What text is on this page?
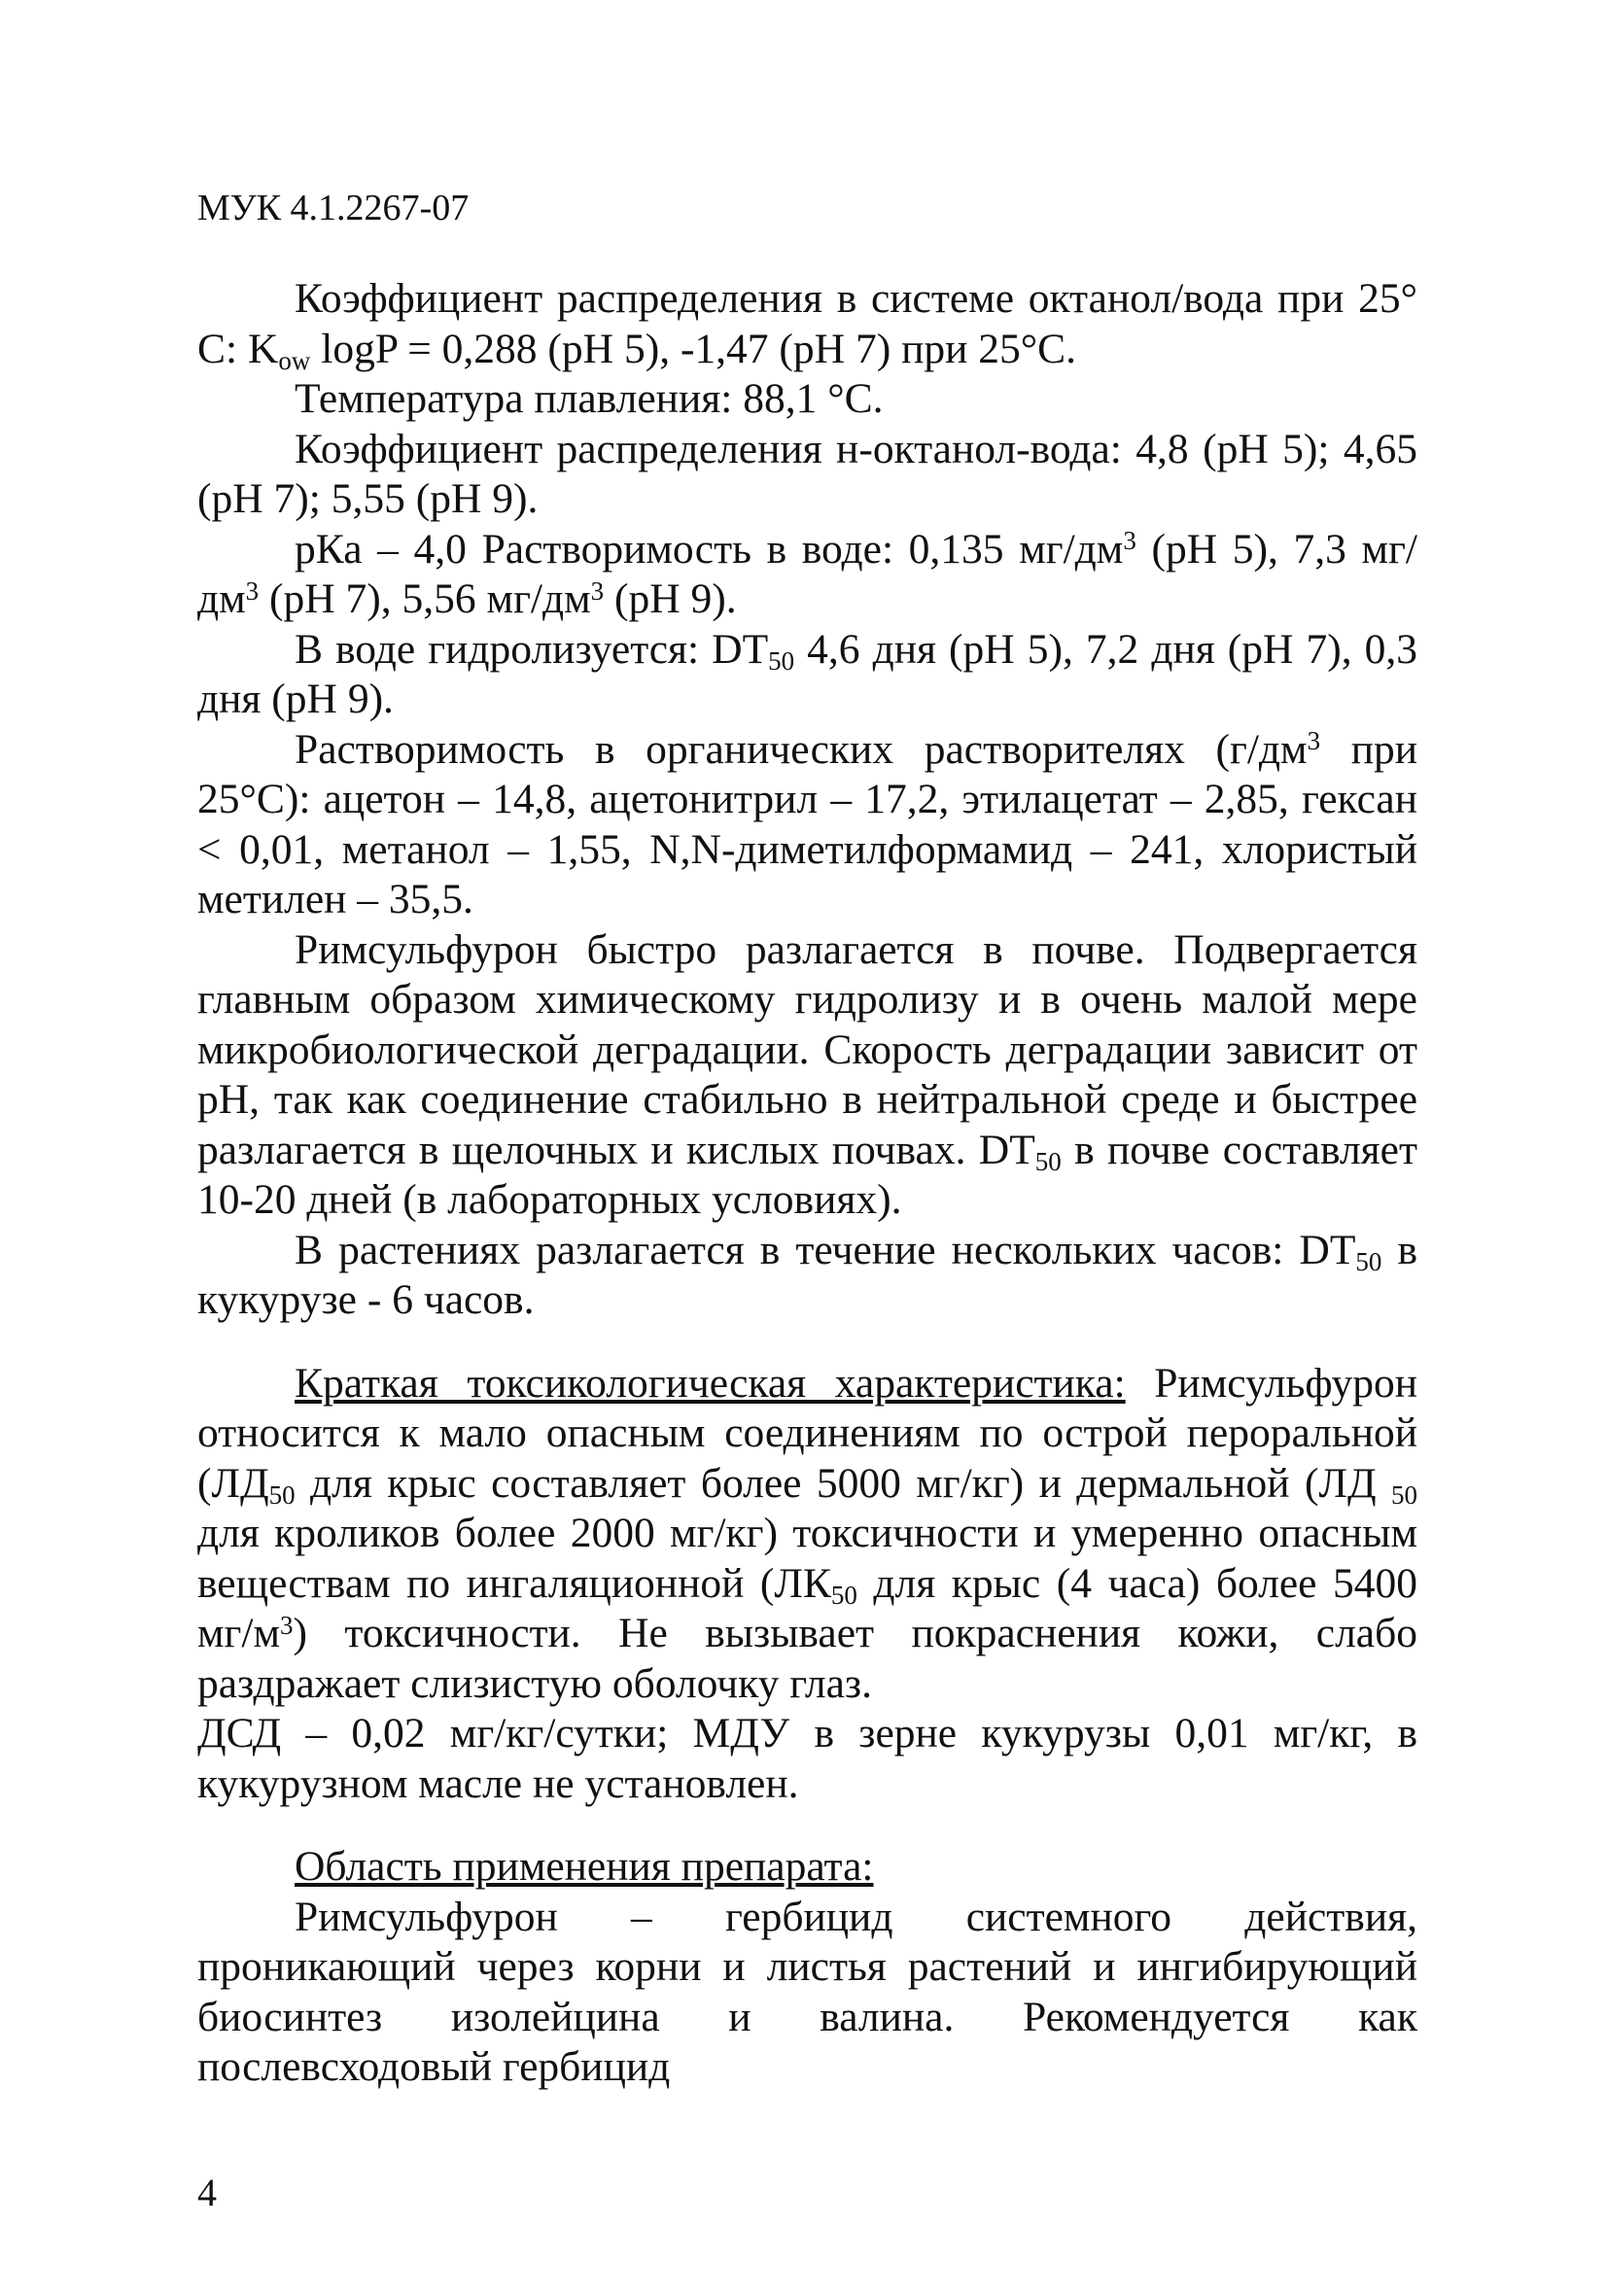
МУК 4.1.2267-07

Коэффициент распределения в системе октанол/вода при 25° С: $K_{ow}$ logP = 0,288 (рН 5), -1,47 (рН 7) при 25°С.

Температура плавления: 88,1 °С.

Коэффициент распределения н-октанол-вода: 4,8 (рН 5); 4,65 (рН 7); 5,55 (рН 9).

рКа – 4,0 Растворимость в воде: 0,135 $мг/дм^3$ (рН 5), 7,3 $мг/дм^3$ (рН 7), 5,56 $мг/дм^3$ (рН 9).

В воде гидролизуется: $DT_{50}$ 4,6 дня (рН 5), 7,2 дня (рН 7), 0,3 дня (рН 9).

Растворимость в органических растворителях ($г/дм^3$ при 25°С): ацетон – 14,8, ацетонитрил – 17,2, этилацетат – 2,85, гексан < 0,01, метанол – 1,55, N,N-диметилформамид – 241, хлористый метилен – 35,5.

Римсульфурон быстро разлагается в почве. Подвергается главным образом химическому гидролизу и в очень малой мере микробиологической деградации. Скорость деградации зависит от рН, так как соединение стабильно в нейтральной среде и быстрее разлагается в щелочных и кислых почвах. $DT_{50}$ в почве составляет 10-20 дней (в лабораторных условиях).

В растениях разлагается в течение нескольких часов: $DT_{50}$ в кукурузе - 6 часов.

Краткая токсикологическая характеристика: Римсульфурон относится к мало опасным соединениям по острой пероральной ($ЛД_{50}$ для крыс составляет более 5000 мг/кг) и дермальной (ЛД $_{50}$ для кроликов более 2000 мг/кг) токсичности и умеренно опасным веществам по ингаляционной ($ЛК_{50}$ для крыс (4 часа) более 5400 $мг/м^3$) токсичности. Не вызывает покраснения кожи, слабо раздражает слизистую оболочку глаз.

ДСД – 0,02 мг/кг/сутки; МДУ в зерне кукурузы 0,01 мг/кг, в кукурузном масле не установлен.

Область применения препарата:

Римсульфурон – гербицид системного действия, проникающий через корни и листья растений и ингибирующий биосинтез изолейцина и валина. Рекомендуется как послевсходовый гербицид

4
